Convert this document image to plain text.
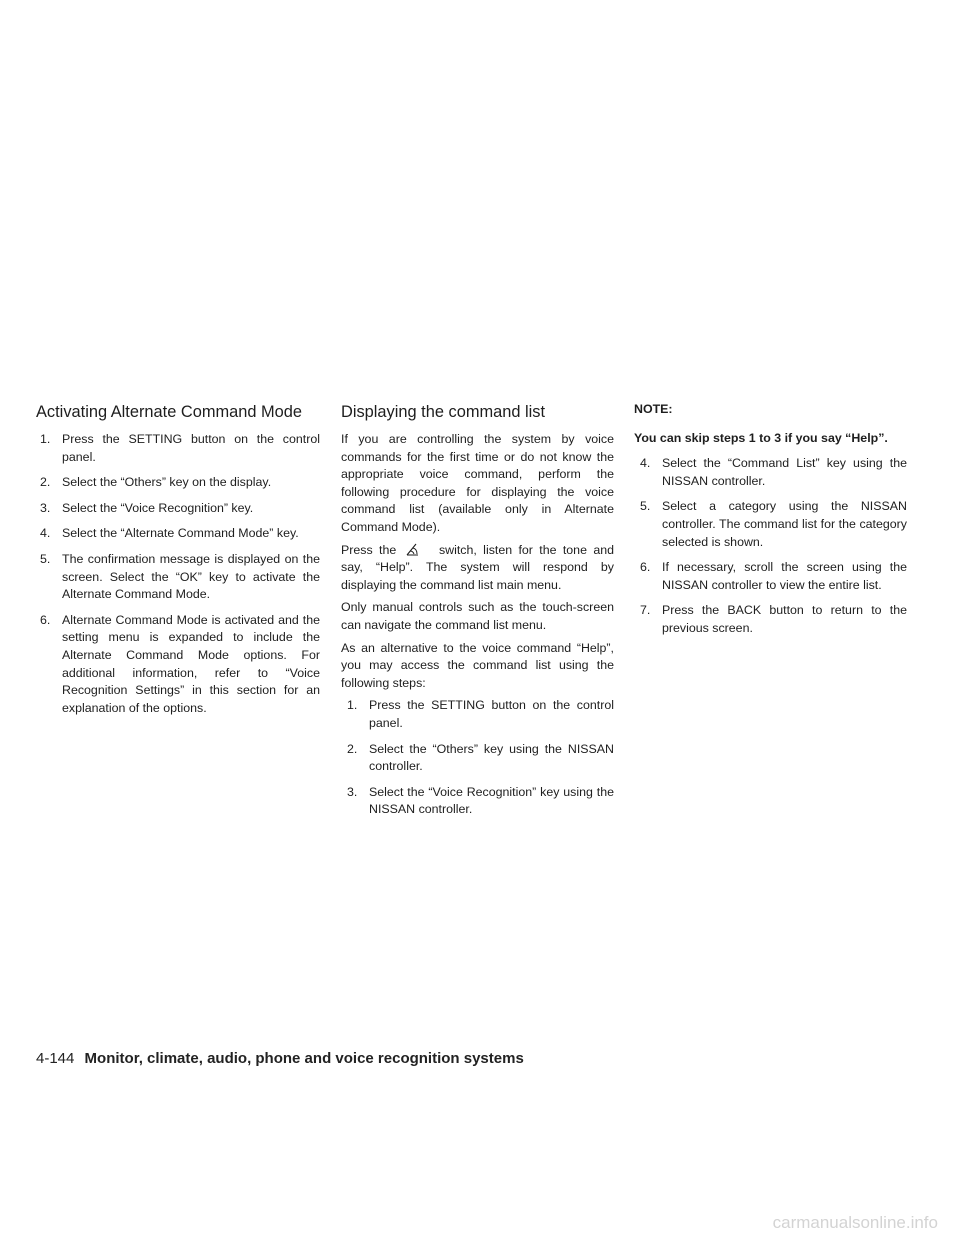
Activating Alternate Command Mode
1. Press the SETTING button on the control panel.
2. Select the “Others” key on the display.
3. Select the “Voice Recognition” key.
4. Select the “Alternate Command Mode” key.
5. The confirmation message is displayed on the screen. Select the “OK” key to activate the Alternate Command Mode.
6. Alternate Command Mode is activated and the setting menu is expanded to include the Alternate Command Mode options. For additional information, refer to “Voice Recognition Settings” in this section for an explanation of the options.
Displaying the command list

If you are controlling the system by voice commands for the first time or do not know the appropriate voice command, perform the following procedure for displaying the voice command list (available only in Alternate Command Mode).

Press the	switch, listen for the tone and say, “Help”. The system will respond by displaying the command list main menu.

Only manual controls such as the touch-screen can navigate the command list menu.

As an alternative to the voice command “Help”, you may access the command list using the following steps:

1. Press the SETTING button on the control panel.
2. Select the “Others” key using the NISSAN controller.
3. Select the “Voice Recognition” key using the NISSAN controller.
NOTE:
You can skip steps 1 to 3 if you say “Help”.
4. Select the “Command List” key using the NISSAN controller.
5. Select a category using the NISSAN controller. The command list for the category selected is shown.
6. If necessary, scroll the screen using the NISSAN controller to view the entire list.
7. Press the BACK button to return to the previous screen.
4-144 Monitor, climate, audio, phone and voice recognition systems
carmanualsonline.info
